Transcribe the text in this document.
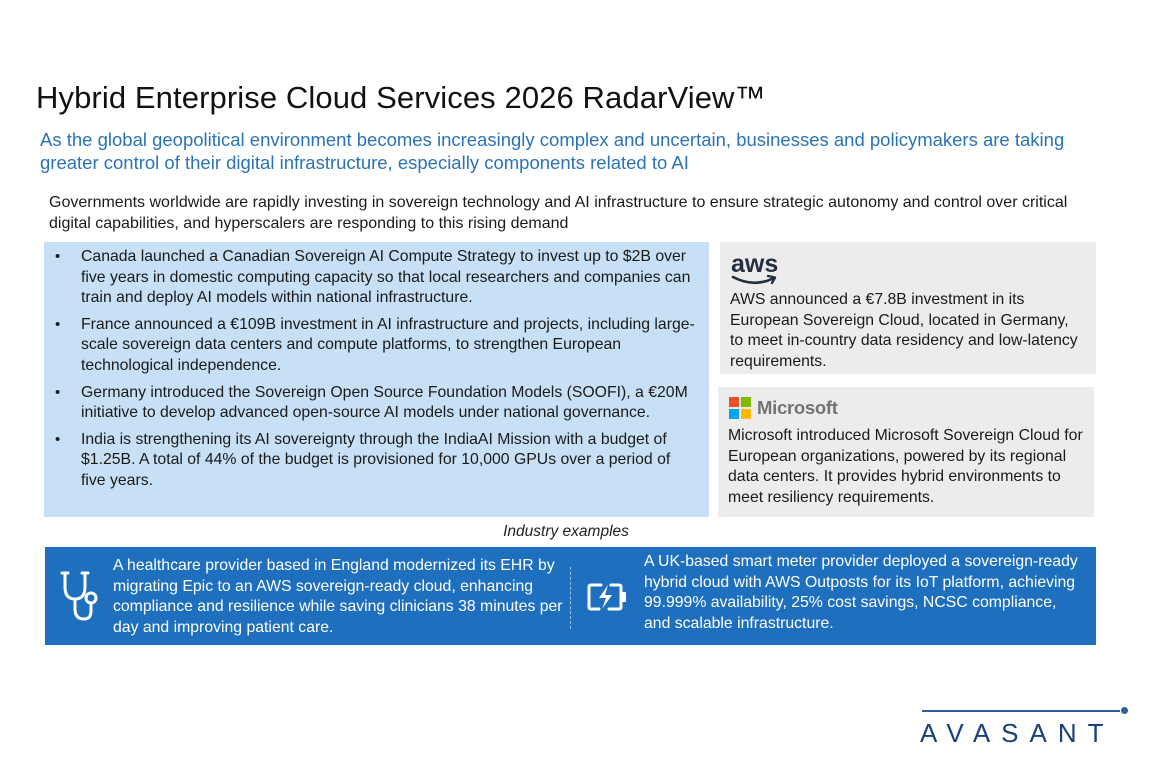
Hybrid Enterprise Cloud Services 2026 RadarView™
As the global geopolitical environment becomes increasingly complex and uncertain, businesses and policymakers are taking greater control of their digital infrastructure, especially components related to AI
Governments worldwide are rapidly investing in sovereign technology and AI infrastructure to ensure strategic autonomy and control over critical digital capabilities, and hyperscalers are responding to this rising demand
• Canada launched a Canadian Sovereign AI Compute Strategy to invest up to $2B over five years in domestic computing capacity so that local researchers and companies can train and deploy AI models within national infrastructure.
• France announced a €109B investment in AI infrastructure and projects, including large-scale sovereign data centers and compute platforms, to strengthen European technological independence.
• Germany introduced the Sovereign Open Source Foundation Models (SOOFI), a €20M initiative to develop advanced open-source AI models under national governance.
• India is strengthening its AI sovereignty through the IndiaAI Mission with a budget of $1.25B. A total of 44% of the budget is provisioned for 10,000 GPUs over a period of five years.
aws
AWS announced a €7.8B investment in its European Sovereign Cloud, located in Germany, to meet in-country data residency and low-latency requirements.
Microsoft
Microsoft introduced Microsoft Sovereign Cloud for European organizations, powered by its regional data centers. It provides hybrid environments to meet resiliency requirements.
Industry examples
A healthcare provider based in England modernized its EHR by migrating Epic to an AWS sovereign-ready cloud, enhancing compliance and resilience while saving clinicians 38 minutes per day and improving patient care.
A UK-based smart meter provider deployed a sovereign-ready hybrid cloud with AWS Outposts for its IoT platform, achieving 99.999% availability, 25% cost savings, NCSC compliance, and scalable infrastructure.
AVASANT
